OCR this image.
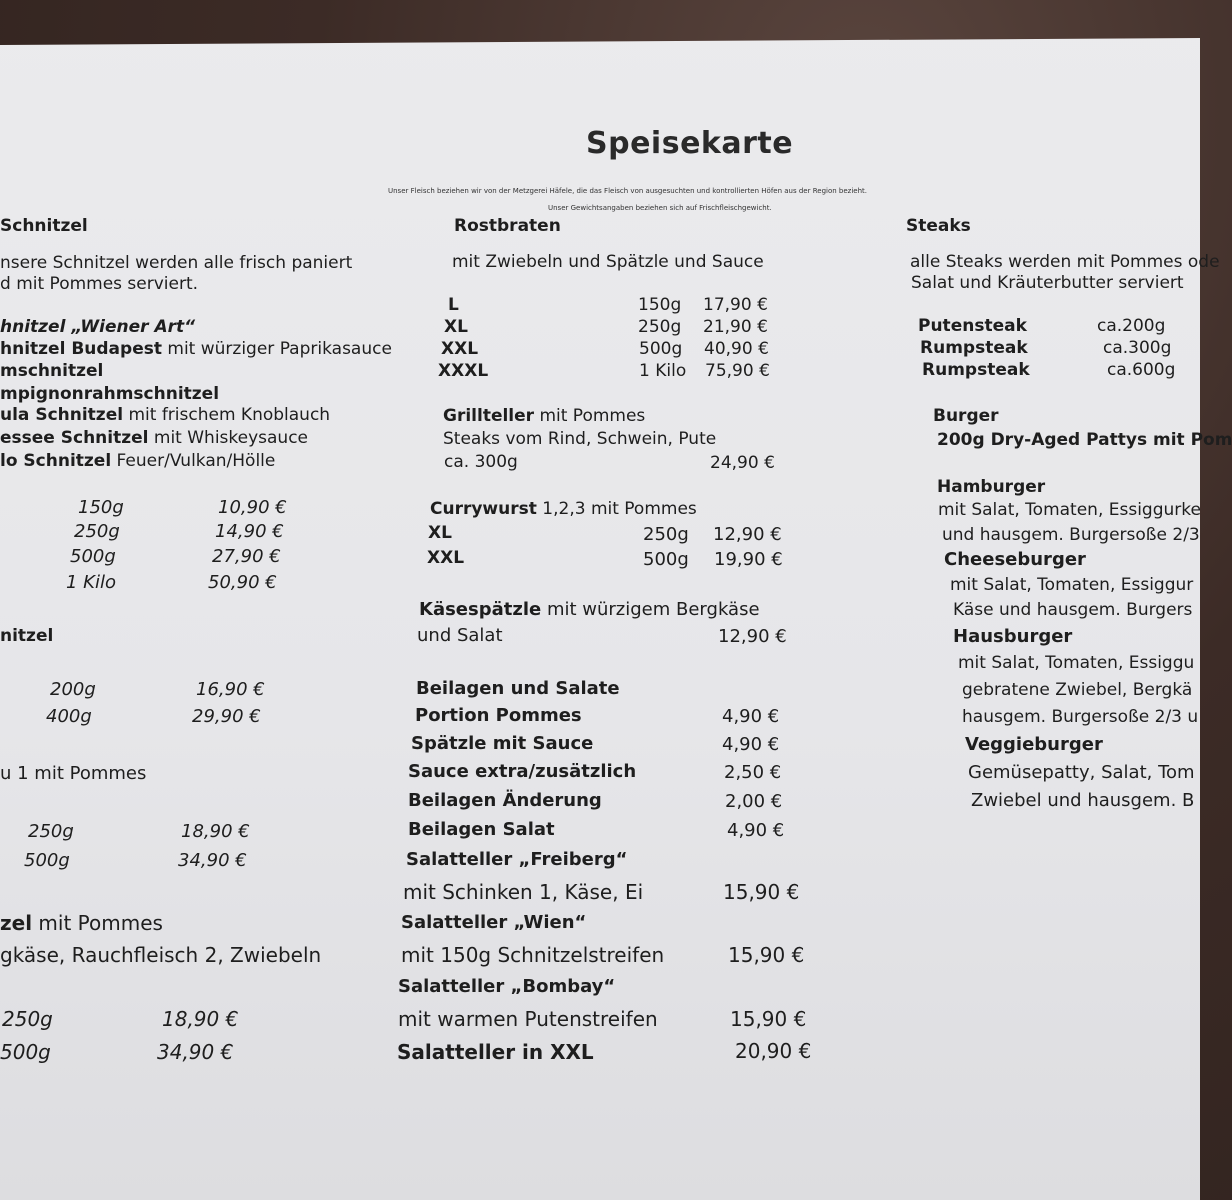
Speisekarte
Unser Fleisch beziehen wir von der Metzgerei Häfele, die das Fleisch von ausgesuchten und kontrollierten Höfen aus der Region bezieht.
Unser Gewichtsangaben beziehen sich auf Frischfleischgewicht.
Schnitzel
nsere Schnitzel werden alle frisch paniert
d mit Pommes serviert.
hnitzel „Wiener Art“
hnitzel Budapest mit würziger Paprikasauce
mschnitzel
mpignonrahmschnitzel
ula Schnitzel mit frischem Knoblauch
essee Schnitzel mit Whiskeysauce
lo Schnitzel Feuer/Vulkan/Hölle
150g	10,90 €
250g	14,90 €
500g	27,90 €
1 Kilo	50,90 €
nitzel
200g	16,90 €
400g	29,90 €
u 1 mit Pommes
250g	18,90 €
500g	34,90 €
zel mit Pommes
gkäse, Rauchfleisch 2, Zwiebeln
250g	18,90 €
500g	34,90 €
Rostbraten
mit Zwiebeln und Spätzle und Sauce
L	150g 17,90 €
XL	250g 21,90 €
XXL	500g 40,90 €
XXXL	1 Kilo 75,90 €
Grillteller mit Pommes
Steaks vom Rind, Schwein, Pute
ca. 300g	24,90 €
Currywurst 1,2,3 mit Pommes
XL	250g 12,90 €
XXL	500g 19,90 €
Käsespätzle mit würzigem Bergkäse
und Salat	12,90 €
Beilagen und Salate
Portion Pommes	4,90 €
Spätzle mit Sauce	4,90 €
Sauce extra/zusätzlich	2,50 €
Beilagen Änderung	2,00 €
Beilagen Salat	4,90 €
Salatteller „Freiberg“
mit Schinken 1, Käse, Ei	15,90 €
Salatteller „Wien“
mit 150g Schnitzelstreifen	15,90 €
Salatteller „Bombay“
mit warmen Putenstreifen	15,90 €
Salatteller in XXL	20,90 €
Steaks
alle Steaks werden mit Pommes ode
Salat und Kräuterbutter serviert
Putensteak	ca.200g
Rumpsteak	ca.300g
Rumpsteak	ca.600g
Burger
200g Dry-Aged Pattys mit Pom
Hamburger
mit Salat, Tomaten, Essiggurke
und hausgem. Burgersoße 2/3
Cheeseburger
mit Salat, Tomaten, Essiggur
Käse und hausgem. Burgers
Hausburger
mit Salat, Tomaten, Essiggu
gebratene Zwiebel, Bergkä
hausgem. Burgersoße 2/3 u
Veggieburger
Gemüsepatty, Salat, Tom
Zwiebel und hausgem. B
